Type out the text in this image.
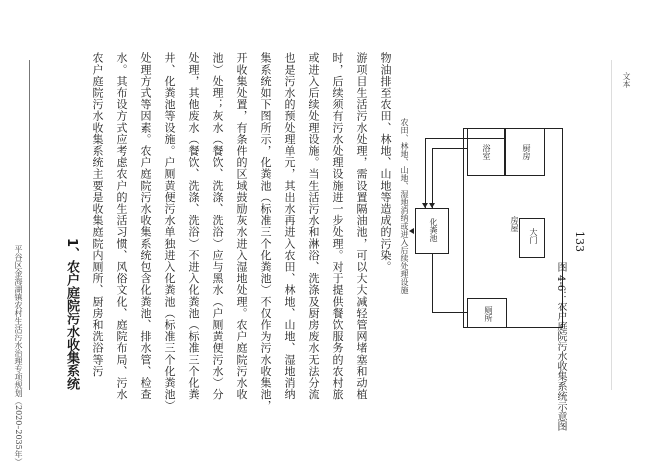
平谷区金海湖镇农村生活污水治理专项规划（2020–2035年）
文本
1、农户庭院污水收集系统 农户庭院污水收集系统主要是收集庭院内厕所、厨房和洗浴等污 水。其布设方式应考虑农户的生活习惯、风俗文化、庭院布局、污水 处理方式等因素。农户庭院污水收集系统包含化粪池、排水管、检查 井、化粪池等设施。户厕黄便污水单独进入化粪池（标准三个化粪池） 处理，其他废水（餐饮、洗涤、洗浴）不进入化粪池（标准三个化粪 池）处理；灰水（餐饮、洗涤、洗浴）应与黑水（户厕黄便污水）分 开收集处置，有条件的区域鼓励灰水进入湿地处理。农户庭院污水收 集系统如下图所示，化粪池（标准三个化粪池）不仅作为污水收集池， 也是污水的预处理单元，其出水再进入农田、林地、山地、湿地消纳 或进入后续处理设施。当生活污水和淋浴、洗涤及厨房废水无法分流 时，后续须有污水处理设施进一步处理。对于提供餐饮服务的农村旅 游项目生活污水处理，需设置隔油池，可以大大减轻管网堵塞和动植 物油排至农田、林地、山地等造成的污染。 农田、林地、山地、湿地消纳或进入后续处理设施	房屋
厨房
浴室
大门
化粪池
厕所	图 4-6：农户庭院污水收集系统示意图
133
